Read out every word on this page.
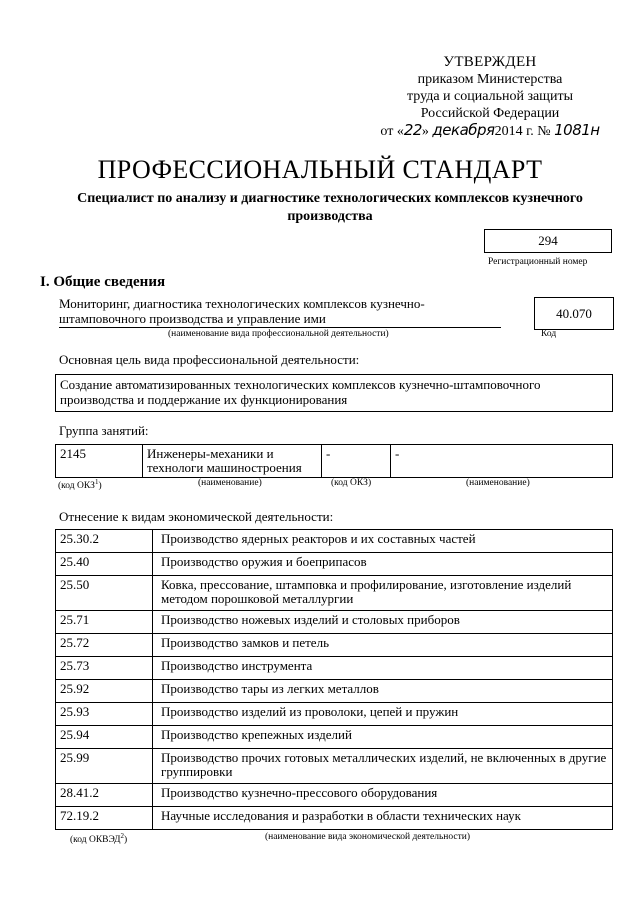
УТВЕРЖДЕН
приказом Министерства
труда и социальной защиты
Российской Федерации
от «22» декабря2014 г. № 1081н
ПРОФЕССИОНАЛЬНЫЙ СТАНДАРТ
Специалист по анализу и диагностике технологических комплексов кузнечного производства
294
Регистрационный номер
I. Общие сведения
Мониторинг, диагностика технологических комплексов кузнечно-штамповочного производства и управление ими
(наименование вида профессиональной деятельности)
40.070
Код
Основная цель вида профессиональной деятельности:
Создание автоматизированных технологических комплексов кузнечно-штамповочного производства и поддержание их функционирования
Группа занятий:
2145	Инженеры-механики и технологи машиностроения	-	-
(код ОКЗ$^1$)	(наименование)	(код ОКЗ)	(наименование)
Отнесение к видам экономической деятельности:
25.30.2	Производство ядерных реакторов и их составных частей
25.40	Производство оружия и боеприпасов
25.50	Ковка, прессование, штамповка и профилирование, изготовление изделий методом порошковой металлургии
25.71	Производство ножевых изделий и столовых приборов
25.72	Производство замков и петель
25.73	Производство инструмента
25.92	Производство тары из легких металлов
25.93	Производство изделий из проволоки, цепей и пружин
25.94	Производство крепежных изделий
25.99	Производство прочих готовых металлических изделий, не включенных в другие группировки
28.41.2	Производство кузнечно-прессового оборудования
72.19.2	Научные исследования и разработки в области технических наук
(код ОКВЭД$^2$)	(наименование вида экономической деятельности)
